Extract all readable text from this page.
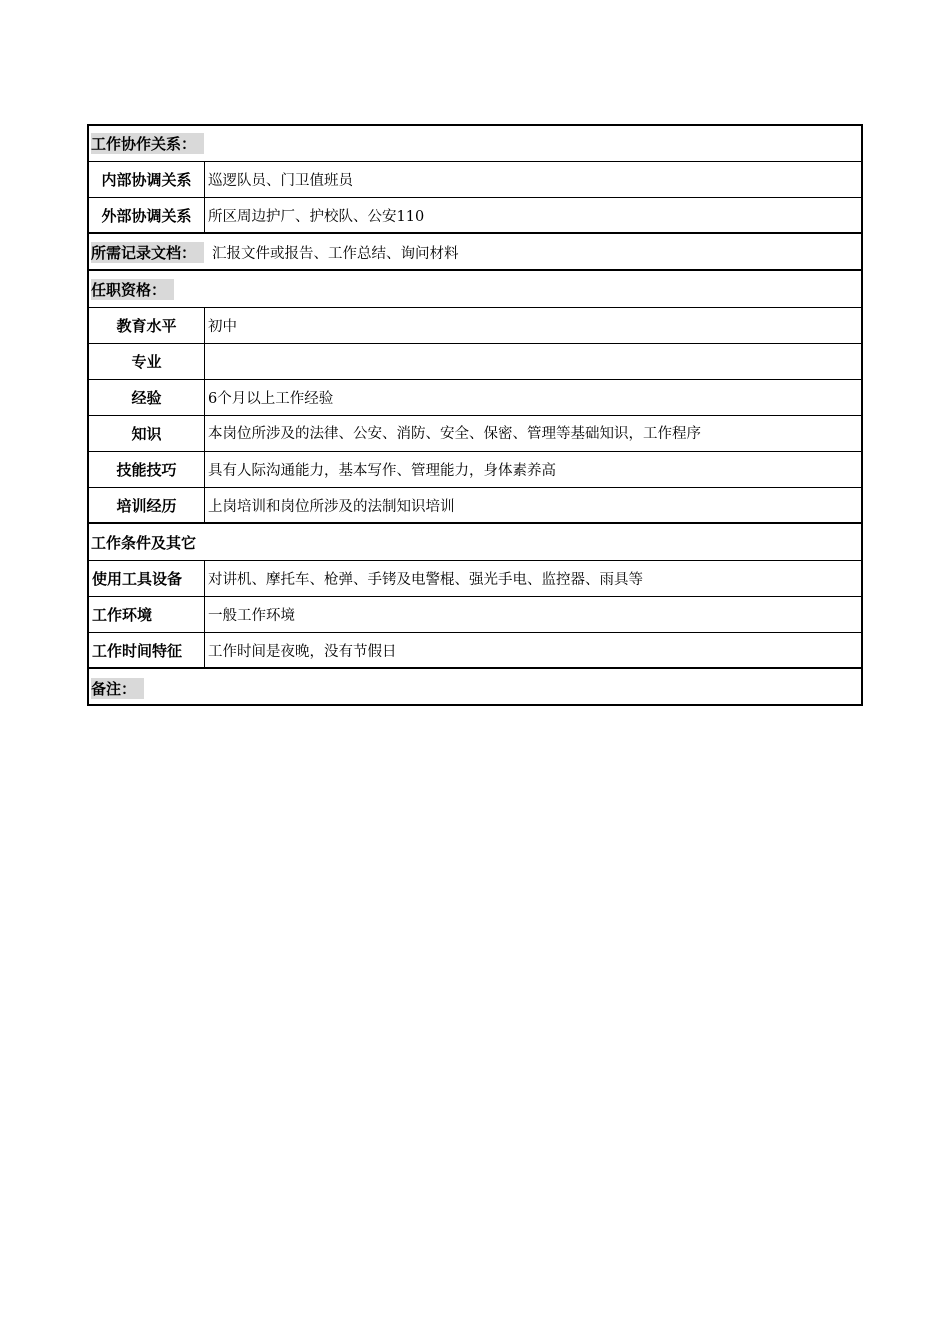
工作协作关系：
内部协调关系	巡逻队员、门卫值班员
外部协调关系	所区周边护厂、护校队、公安110
所需记录文档：	汇报文件或报告、工作总结、询问材料
任职资格：
教育水平	初中
专业
经验	6个月以上工作经验
知识	本岗位所涉及的法律、公安、消防、安全、保密、管理等基础知识，工作程序
技能技巧	具有人际沟通能力，基本写作、管理能力，身体素养高
培训经历	上岗培训和岗位所涉及的法制知识培训
工作条件及其它
使用工具设备	对讲机、摩托车、枪弹、手铐及电警棍、强光手电、监控器、雨具等
工作环境	一般工作环境
工作时间特征	工作时间是夜晚，没有节假日
备注：
